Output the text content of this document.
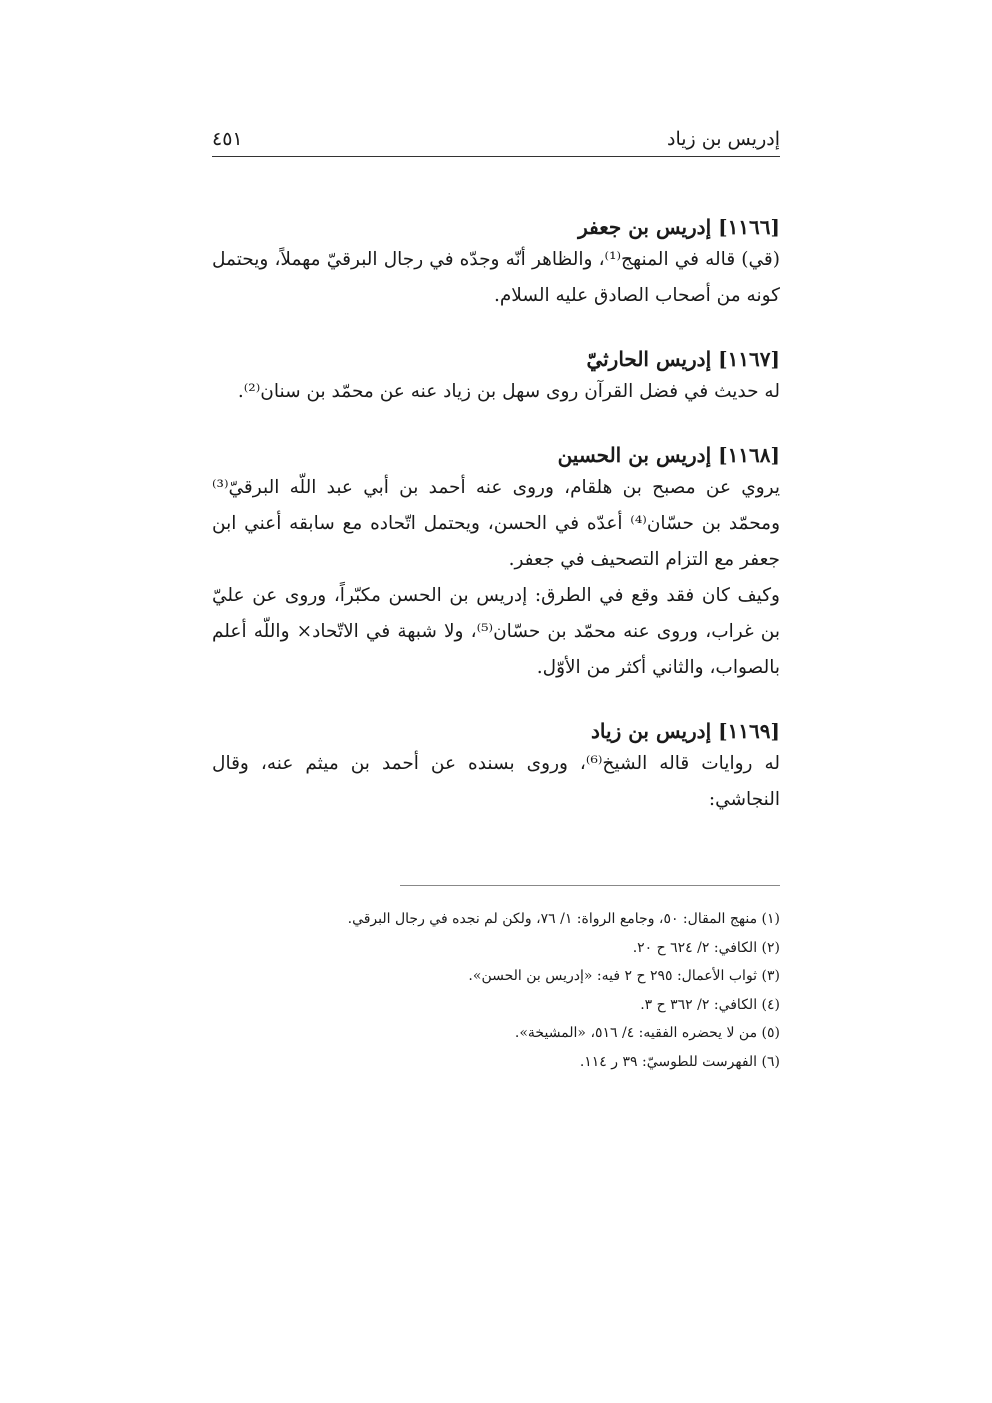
إدريس بن زياد
٤٥١

[١١٦٦] إدريس بن جعفر

(قي) قاله في المنهج⁽¹⁾، والظاهر أنّه وجدّه في رجال البرقيّ مهملاً، ويحتمل كونه من أصحاب الصادق عليه السلام.

[١١٦٧] إدريس الحارثيّ

له حديث في فضل القرآن روى سهل بن زياد عنه عن محمّد بن سنان⁽²⁾.

[١١٦٨] إدريس بن الحسين

يروي عن مصبح بن هلقام، وروى عنه أحمد بن أبي عبد اللّه البرقيّ⁽³⁾ ومحمّد بن حسّان⁽⁴⁾ أعدّه في الحسن، ويحتمل اتّحاده مع سابقه أعني ابن جعفر مع التزام التصحيف في جعفر.

وكيف كان فقد وقع في الطرق: إدريس بن الحسن مكبّراً، وروى عن عليّ بن غراب، وروى عنه محمّد بن حسّان⁽⁵⁾، ولا شبهة في الاتّحاد× واللّه أعلم بالصواب، والثاني أكثر من الأوّل.

[١١٦٩] إدريس بن زياد

له روايات قاله الشيخ⁽⁶⁾، وروى بسنده عن أحمد بن ميثم عنه، وقال النجاشي:

(١) منهج المقال: ٥٠، وجامع الرواة: ١/ ٧٦، ولكن لم نجده في رجال البرقي.

(٢) الكافي: ٢/ ٦٢٤ ح ٢٠.

(٣) ثواب الأعمال: ٢٩٥ ح ٢ فيه: «إدريس بن الحسن».

(٤) الكافي: ٢/ ٣٦٢ ح ٣.

(٥) من لا يحضره الفقيه: ٤/ ٥١٦، «المشيخة».

(٦) الفهرست للطوسيّ: ٣٩ ر ١١٤.
